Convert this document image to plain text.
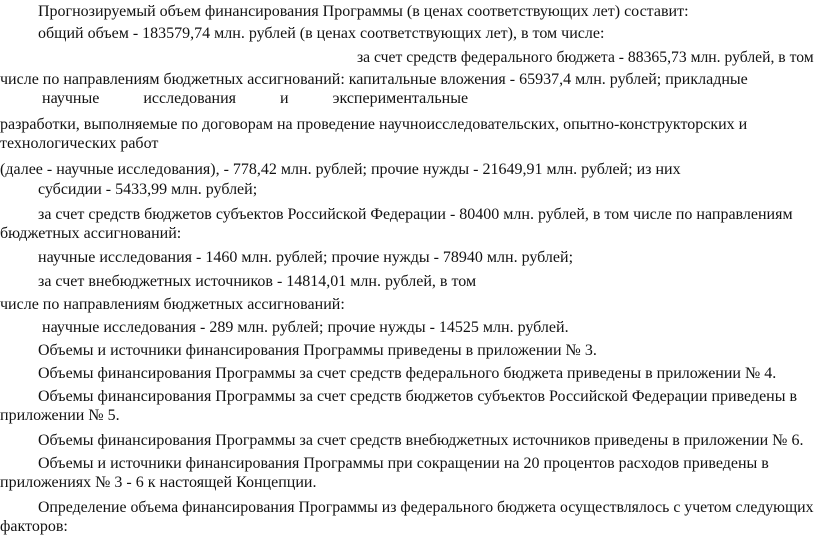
Прогнозируемый объем финансирования Программы (в ценах соответствующих лет) составит:
общий объем - 183579,74 млн. рублей (в ценах соответствующих лет), в том числе:
за счет средств федерального бюджета - 88365,73 млн. рублей, в том
числе по направлениям бюджетных ассигнований: капитальные вложения - 65937,4 млн. рублей; прикладные
научные исследования и экспериментальные
разработки, выполняемые по договорам на проведение научноисследовательских, опытно-конструкторских и
технологических работ
(далее - научные исследования), - 778,42 млн. рублей; прочие нужды - 21649,91 млн. рублей; из них
субсидии - 5433,99 млн. рублей;
за счет средств бюджетов субъектов Российской Федерации - 80400 млн. рублей, в том числе по направлениям
бюджетных ассигнований:
научные исследования - 1460 млн. рублей; прочие нужды - 78940 млн. рублей;
за счет внебюджетных источников - 14814,01 млн. рублей, в том
числе по направлениям бюджетных ассигнований:
научные исследования - 289 млн. рублей; прочие нужды - 14525 млн. рублей.
Объемы и источники финансирования Программы приведены в приложении № 3.
Объемы финансирования Программы за счет средств федерального бюджета приведены в приложении № 4.
Объемы финансирования Программы за счет средств бюджетов субъектов Российской Федерации приведены в
приложении № 5.
Объемы финансирования Программы за счет средств внебюджетных источников приведены в приложении № 6.
Объемы и источники финансирования Программы при сокращении на 20 процентов расходов приведены в
приложениях № 3 - 6 к настоящей Концепции.
Определение объема финансирования Программы из федерального бюджета осуществлялось с учетом следующих
факторов:
